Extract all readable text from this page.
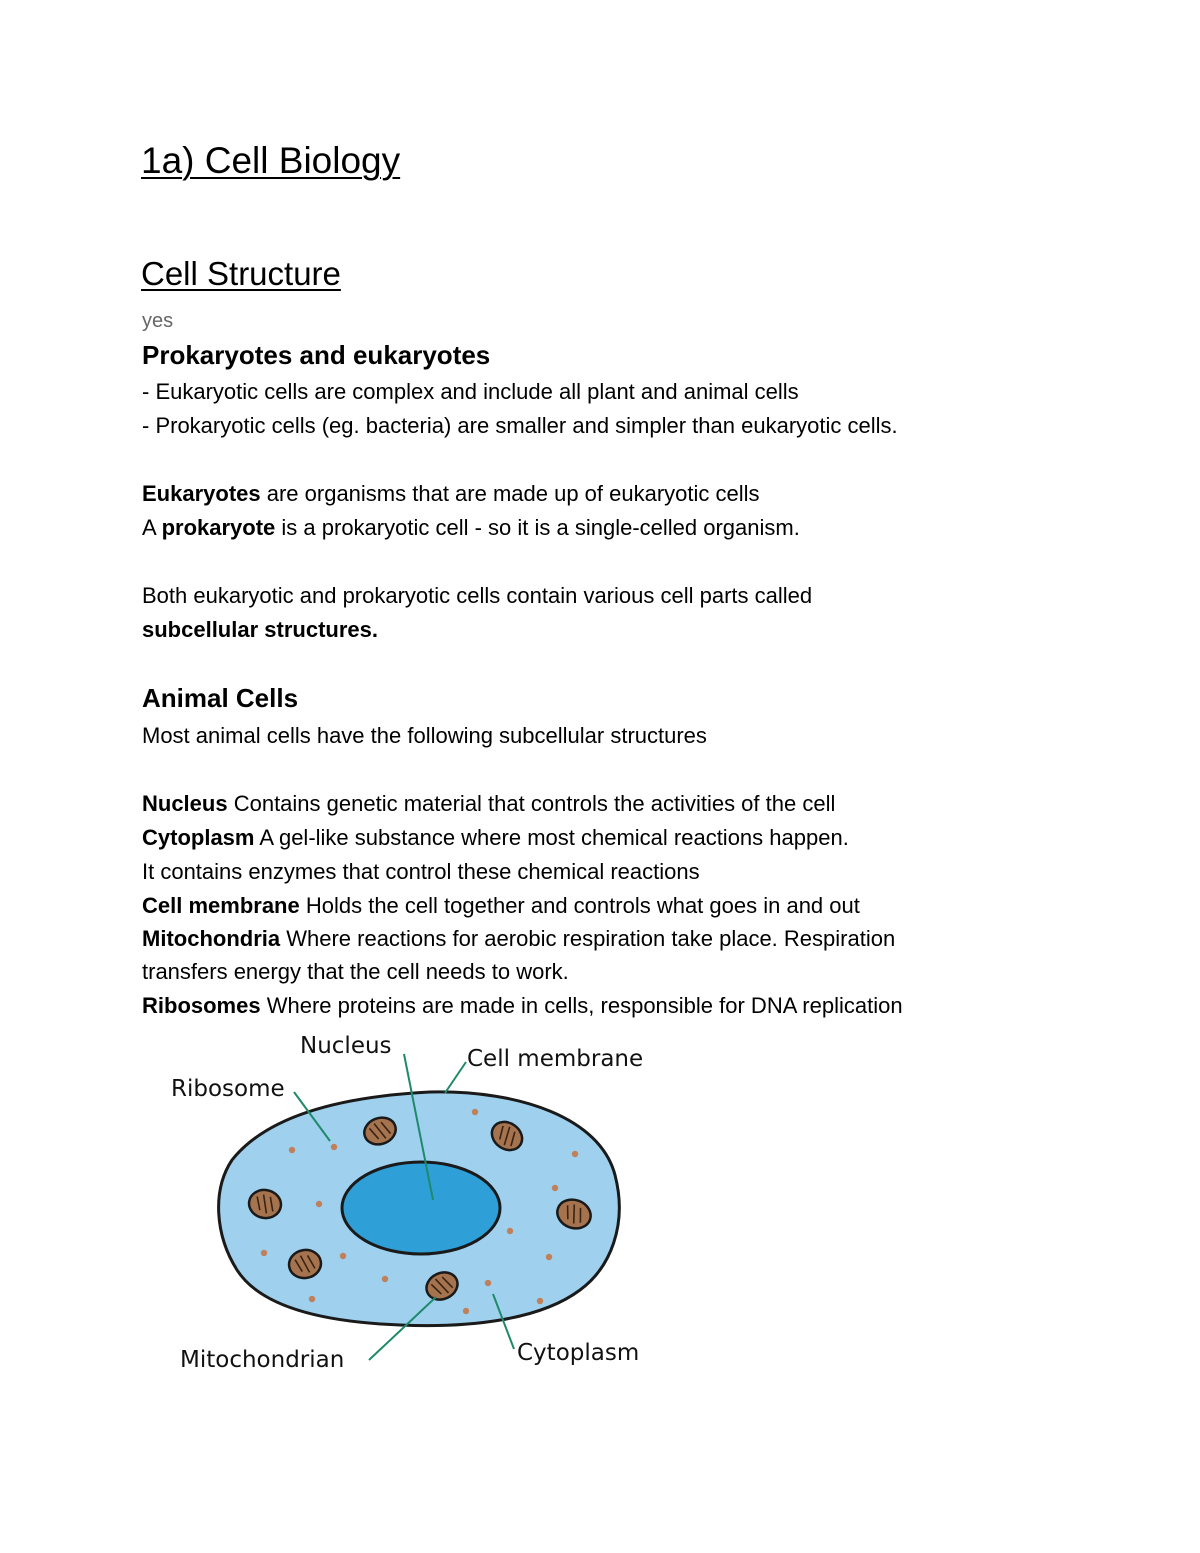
1a) Cell Biology
Cell Structure
yes
Prokaryotes and eukaryotes
- Eukaryotic cells are complex and include all plant and animal cells
- Prokaryotic cells (eg. bacteria) are smaller and simpler than eukaryotic cells.
Eukaryotes are organisms that are made up of eukaryotic cells
A prokaryote is a prokaryotic cell - so it is a single-celled organism.
Both eukaryotic and prokaryotic cells contain various cell parts called
subcellular structures.
Animal Cells
Most animal cells have the following subcellular structures
Nucleus Contains genetic material that controls the activities of the cell
Cytoplasm A gel-like substance where most chemical reactions happen.
It contains enzymes that control these chemical reactions
Cell membrane Holds the cell together and controls what goes in and out
Mitochondria Where reactions for aerobic respiration take place. Respiration
transfers energy that the cell needs to work.
Ribosomes Where proteins are made in cells, responsible for DNA replication
Nucleus	Cell membrane
Ribosome
Mitochondrian	Cytoplasm
